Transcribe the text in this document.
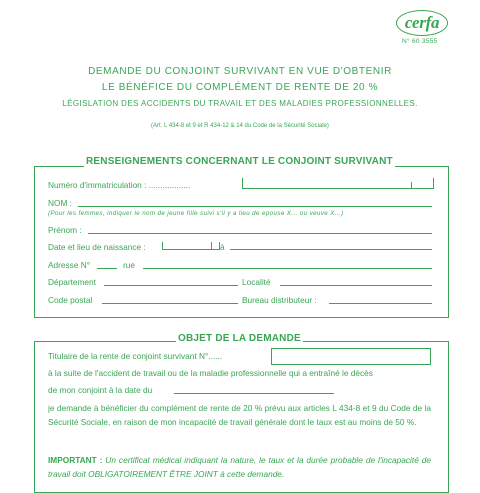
cerfa
N° 60 3555
DEMANDE DU CONJOINT SURVIVANT EN VUE D'OBTENIR
LE BÉNÉFICE DU COMPLÉMENT DE RENTE DE 20 %
LÉGISLATION DES ACCIDENTS DU TRAVAIL ET DES MALADIES PROFESSIONNELLES.
(Art. L 434-8 et 9 et R 434-12 & 14 du Code de la Sécurité Sociale)
RENSEIGNEMENTS CONCERNANT LE CONJOINT SURVIVANT
Numéro d'immatriculation : ..................
NOM :
(Pour les femmes, indiquer le nom de jeune fille suivi s'il y a lieu de epouse X... ou veuve X...)
Prénom :
Date et lieu de naissance :	à
Adresse N°	rue
Département	Localité
Code postal	Bureau distributeur :
OBJET DE LA DEMANDE
Titulaire de la rente de conjoint survivant N°......
à la suite de l'accident de travail ou de la maladie professionnelle qui a entraîné le décès
de mon conjoint à la date du
je demande à bénéficier du complément de rente de 20 % prévu aux articles L 434-8 et 9 du Code de la Sécurité Sociale, en raison de mon incapacité de travail générale dont le taux est au moins de 50 %.
IMPORTANT : Un certificat médical indiquant la nature, le taux et la durée probable de l'incapacité de travail doit OBLIGATOIREMENT ÊTRE JOINT à cette demande.
